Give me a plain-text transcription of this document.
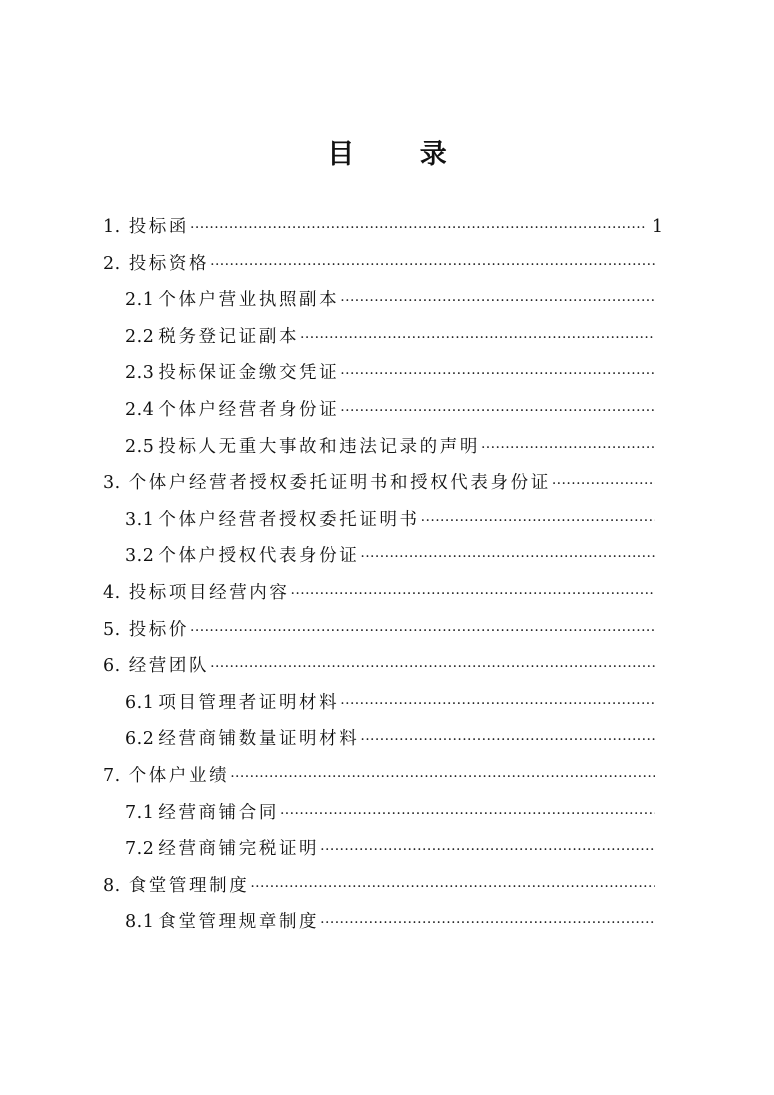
目 录
1. 投标函
·····	1
2. 投标资格
·····
2.1 个体户营业执照副本
·····
2.2 税务登记证副本
·····
2.3 投标保证金缴交凭证
·····
2.4 个体户经营者身份证
·····
2.5 投标人无重大事故和违法记录的声明
·····
3. 个体户经营者授权委托证明书和授权代表身份证
·····
3.1 个体户经营者授权委托证明书
·····
3.2 个体户授权代表身份证
·····
4. 投标项目经营内容
·····
5. 投标价
·····
6. 经营团队
·····
6.1 项目管理者证明材料
·····
6.2 经营商铺数量证明材料
·····
7. 个体户业绩
·····
7.1 经营商铺合同
·····
7.2 经营商铺完税证明
·····
8. 食堂管理制度
·····
8.1 食堂管理规章制度
·····
